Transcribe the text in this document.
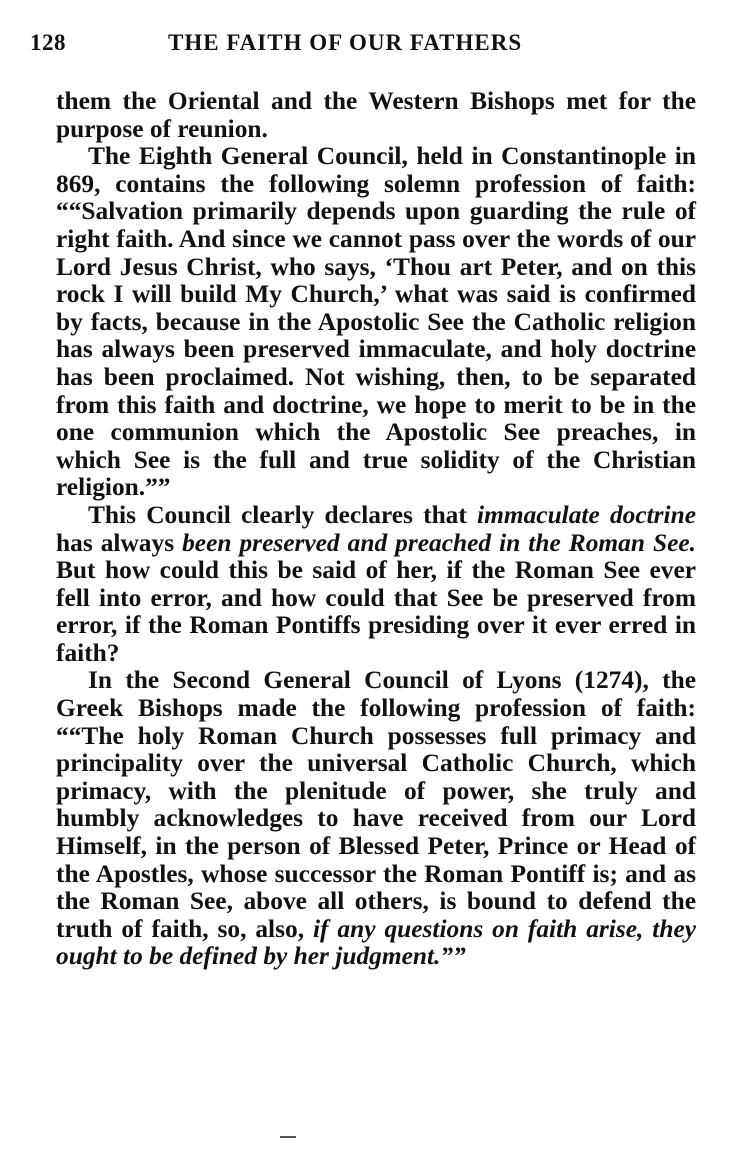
128	THE FAITH OF OUR FATHERS

them the Oriental and the Western Bishops met for the purpose of reunion.

The Eighth General Council, held in Constantinople in 869, contains the following solemn profession of faith: ““Salvation primarily depends upon guarding the rule of right faith. And since we cannot pass over the words of our Lord Jesus Christ, who says, ‘Thou art Peter, and on this rock I will build My Church,’ what was said is confirmed by facts, because in the Apostolic See the Catholic religion has always been preserved immaculate, and holy doctrine has been proclaimed. Not wishing, then, to be separated from this faith and doctrine, we hope to merit to be in the one communion which the Apostolic See preaches, in which See is the full and true solidity of the Christian religion.””

This Council clearly declares that immaculate doctrine has always been preserved and preached in the Roman See. But how could this be said of her, if the Roman See ever fell into error, and how could that See be preserved from error, if the Roman Pontiffs presiding over it ever erred in faith?

In the Second General Council of Lyons (1274), the Greek Bishops made the following profession of faith: ““The holy Roman Church possesses full primacy and principality over the universal Catholic Church, which primacy, with the plenitude of power, she truly and humbly acknowledges to have received from our Lord Himself, in the person of Blessed Peter, Prince or Head of the Apostles, whose successor the Roman Pontiff is; and as the Roman See, above all others, is bound to defend the truth of faith, so, also, if any questions on faith arise, they ought to be defined by her judgment.””
